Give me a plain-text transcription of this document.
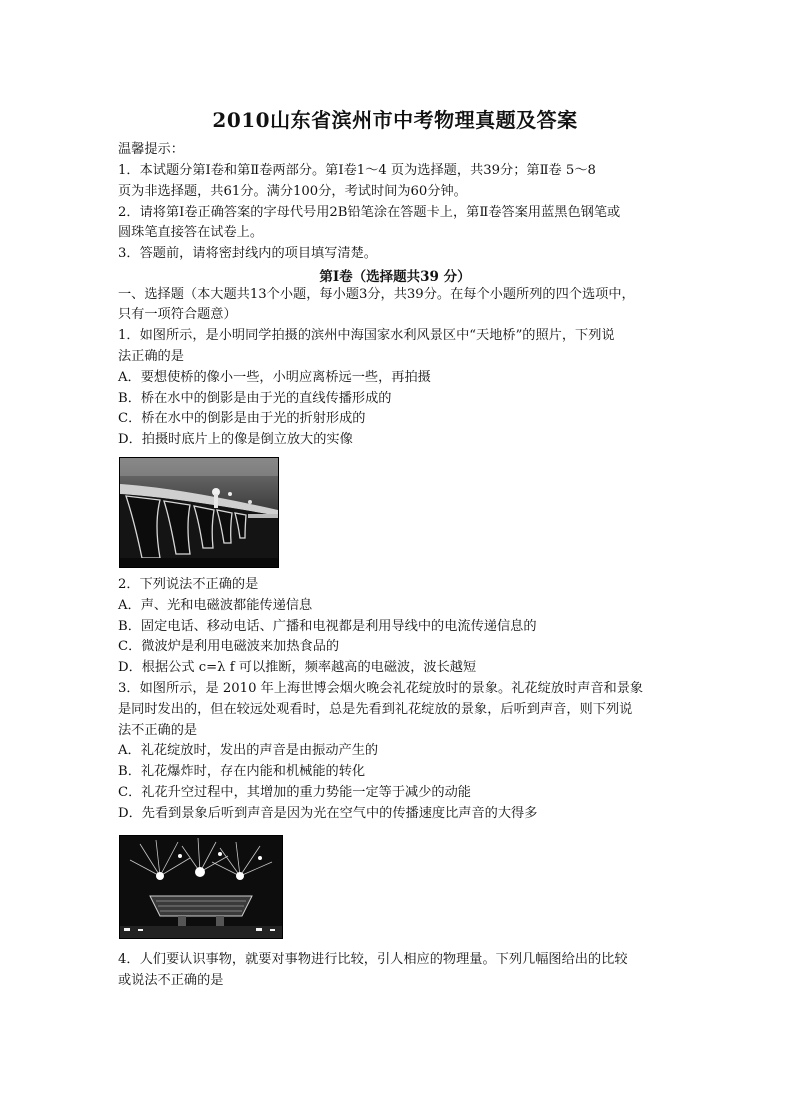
2010山东省滨州市中考物理真题及答案
温馨提示：
1．本试题分第Ⅰ卷和第Ⅱ卷两部分。第Ⅰ卷1～4 页为选择题，共39分；第Ⅱ卷 5～8
页为非选择题，共61分。满分100分，考试时间为60分钟。
2．请将第Ⅰ卷正确答案的字母代号用2B铅笔涂在答题卡上，第Ⅱ卷答案用蓝黑色钢笔或
圆珠笔直接答在试卷上。
3．答题前，请将密封线内的项目填写清楚。
第Ⅰ卷（选择题共39 分）
一、选择题（本大题共13个小题，每小题3分，共39分。在每个小题所列的四个选项中，
只有一项符合题意）
1．如图所示，是小明同学拍摄的滨州中海国家水利风景区中“天地桥”的照片，下列说
法正确的是
A．要想使桥的像小一些，小明应离桥远一些，再拍摄
B．桥在水中的倒影是由于光的直线传播形成的
C．桥在水中的倒影是由于光的折射形成的
D．拍摄时底片上的像是倒立放大的实像
2．下列说法不正确的是
A．声、光和电磁波都能传递信息
B．固定电话、移动电话、广播和电视都是利用导线中的电流传递信息的
C．微波炉是利用电磁波来加热食品的
D．根据公式 c=λ f 可以推断，频率越高的电磁波，波长越短
3．如图所示，是 2010 年上海世博会烟火晚会礼花绽放时的景象。礼花绽放时声音和景象
是同时发出的，但在较远处观看时，总是先看到礼花绽放的景象，后听到声音，则下列说
法不正确的是
A．礼花绽放时，发出的声音是由振动产生的
B．礼花爆炸时，存在内能和机械能的转化
C．礼花升空过程中，其增加的重力势能一定等于减少的动能
D．先看到景象后听到声音是因为光在空气中的传播速度比声音的大得多
4．人们要认识事物，就要对事物进行比较，引人相应的物理量。下列几幅图给出的比较
或说法不正确的是
